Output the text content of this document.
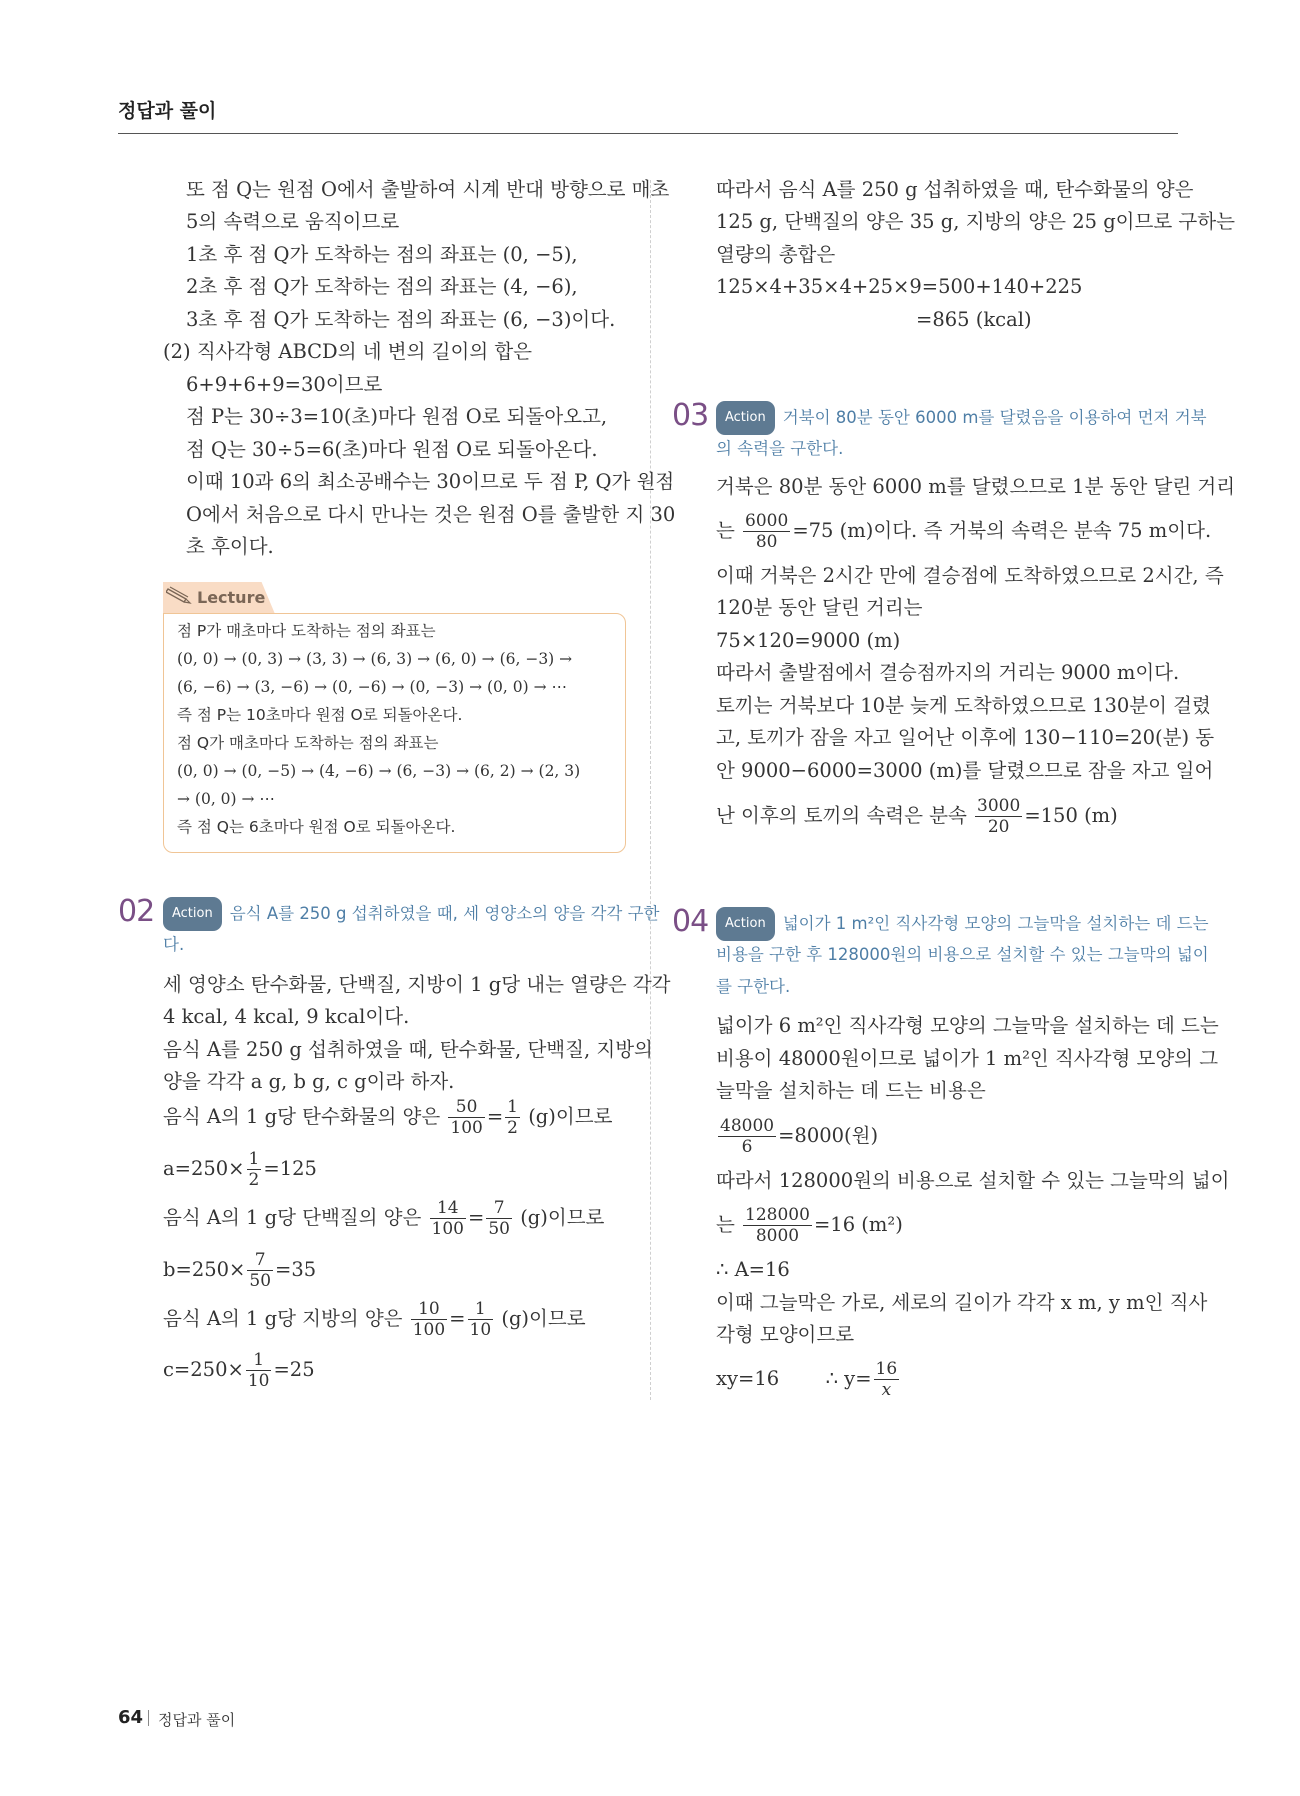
정답과 풀이
또 점 Q는 원점 O에서 출발하여 시계 반대 방향으로 매초
5의 속력으로 움직이므로
1초 후 점 Q가 도착하는 점의 좌표는 (0, −5),
2초 후 점 Q가 도착하는 점의 좌표는 (4, −6),
3초 후 점 Q가 도착하는 점의 좌표는 (6, −3)이다.
(2) 직사각형 ABCD의 네 변의 길이의 합은
6+9+6+9=30이므로
점 P는 30÷3=10(초)마다 원점 O로 되돌아오고,
점 Q는 30÷5=6(초)마다 원점 O로 되돌아온다.
이때 10과 6의 최소공배수는 30이므로 두 점 P, Q가 원점
O에서 처음으로 다시 만나는 것은 원점 O를 출발한 지 30
초 후이다.
Lecture
점 P가 매초마다 도착하는 점의 좌표는
(0, 0) → (0, 3) → (3, 3) → (6, 3) → (6, 0) → (6, −3) →
(6, −6) → (3, −6) → (0, −6) → (0, −3) → (0, 0) → ⋯
즉 점 P는 10초마다 원점 O로 되돌아온다.
점 Q가 매초마다 도착하는 점의 좌표는
(0, 0) → (0, −5) → (4, −6) → (6, −3) → (6, 2) → (2, 3)
→ (0, 0) → ⋯
즉 점 Q는 6초마다 원점 O로 되돌아온다.
02	Action 음식 A를 250 g 섭취하였을 때, 세 영양소의 양을 각각 구한
다.
세 영양소 탄수화물, 단백질, 지방이 1 g당 내는 열량은 각각
4 kcal, 4 kcal, 9 kcal이다.
음식 A를 250 g 섭취하였을 때, 탄수화물, 단백질, 지방의
양을 각각 a g, b g, c g이라 하자.
음식 A의 1 g당 탄수화물의 양은 $\frac{50}{100} = \frac{1}{2} (g)$이므로
$a=250\times \frac{1}{2} =125$
음식 A의 1 g당 단백질의 양은 $\frac{14}{100} = \frac{7}{50} (g)$이므로
$b=250\times \frac{7}{50} =35$
음식 A의 1 g당 지방의 양은 $\frac{10}{100} = \frac{1}{10} (g)$이므로
$c=250\times \frac{1}{10} =25$
따라서 음식 A를 250 g 섭취하였을 때, 탄수화물의 양은
125 g, 단백질의 양은 35 g, 지방의 양은 25 g이므로 구하는
열량의 총합은
125×4+35×4+25×9=500+140+225
=865 (kcal)
03	Action 거북이 80분 동안 6000 m를 달렸음을 이용하여 먼저 거북
의 속력을 구한다.
거북은 80분 동안 6000 m를 달렸으므로 1분 동안 달린 거리
는 $\frac{6000}{80} =75$ (m)이다. 즉 거북의 속력은 분속 75 m이다.
이때 거북은 2시간 만에 결승점에 도착하였으므로 2시간, 즉
120분 동안 달린 거리는
75×120=9000 (m)
따라서 출발점에서 결승점까지의 거리는 9000 m이다.
토끼는 거북보다 10분 늦게 도착하였으므로 130분이 걸렸
고, 토끼가 잠을 자고 일어난 이후에 130−110=20(분) 동
안 9000−6000=3000 (m)를 달렸으므로 잠을 자고 일어
난 이후의 토끼의 속력은 분속 $\frac{3000}{20} =150$ (m)
04	Action 넓이가 1 m²인 직사각형 모양의 그늘막을 설치하는 데 드는
비용을 구한 후 128000원의 비용으로 설치할 수 있는 그늘막의 넓이
를 구한다.
넓이가 6 m²인 직사각형 모양의 그늘막을 설치하는 데 드는
비용이 48000원이므로 넓이가 1 m²인 직사각형 모양의 그
늘막을 설치하는 데 드는 비용은
$\frac{48000}{6} =8000$(원)
따라서 128000원의 비용으로 설치할 수 있는 그늘막의 넓이
는 $\frac{128000}{8000} =16$ (m²)
∴ A=16
이때 그늘막은 가로, 세로의 길이가 각각 x m, y m인 직사
각형 모양이므로
xy=16 ∴ $y= \frac{16}{x}$
64 정답과 풀이
